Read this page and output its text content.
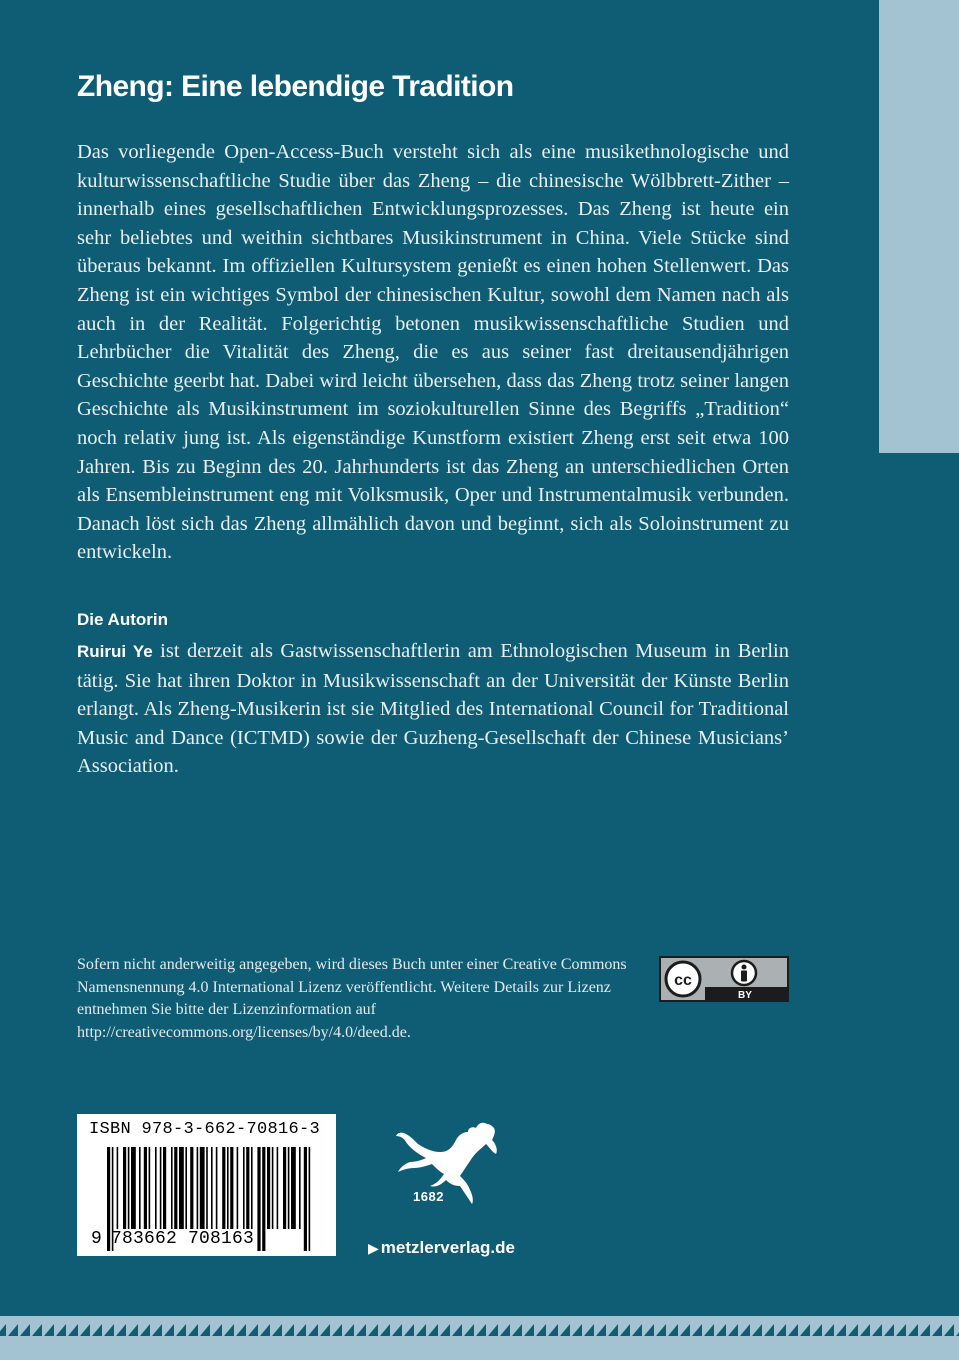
Zheng: Eine lebendige Tradition

Das vorliegende Open-Access-Buch versteht sich als eine musikethnologische und kulturwissenschaftliche Studie über das Zheng – die chinesische Wölbbrett-Zither – innerhalb eines gesellschaftlichen Entwicklungsprozesses. Das Zheng ist heute ein sehr beliebtes und weithin sichtbares Musikinstrument in China. Viele Stücke sind überaus bekannt. Im offiziellen Kultursystem genießt es einen hohen Stellenwert. Das Zheng ist ein wichtiges Symbol der chinesischen Kultur, sowohl dem Namen nach als auch in der Realität. Folgerichtig betonen musikwissenschaftliche Studien und Lehrbücher die Vitalität des Zheng, die es aus seiner fast dreitausendjährigen Geschichte geerbt hat. Dabei wird leicht übersehen, dass das Zheng trotz seiner langen Geschichte als Musikinstrument im soziokulturellen Sinne des Begriffs „Tradition“ noch relativ jung ist. Als eigenständige Kunstform existiert Zheng erst seit etwa 100 Jahren. Bis zu Beginn des 20. Jahrhunderts ist das Zheng an unterschiedlichen Orten als Ensembleinstrument eng mit Volksmusik, Oper und Instrumentalmusik verbunden. Danach löst sich das Zheng allmählich davon und beginnt, sich als Soloinstrument zu entwickeln.

Die Autorin

Ruirui Ye ist derzeit als Gastwissenschaftlerin am Ethnologischen Museum in Berlin tätig. Sie hat ihren Doktor in Musikwissenschaft an der Universität der Künste Berlin erlangt. Als Zheng-Musikerin ist sie Mitglied des International Council for Traditional Music and Dance (ICTMD) sowie der Guzheng-Gesellschaft der Chinese Musicians’ Association.

Sofern nicht anderweitig angegeben, wird dieses Buch unter einer Creative Commons Namensnennung 4.0 International Lizenz veröffentlicht. Weitere Details zur Lizenz entnehmen Sie bitte der Lizenzinformation auf http://creativecommons.org/licenses/by/4.0/deed.de.

cc
BY
ISBN 978-3-662-70816-3
9 783662 708163
1682
▶ metzlerverlag.de
